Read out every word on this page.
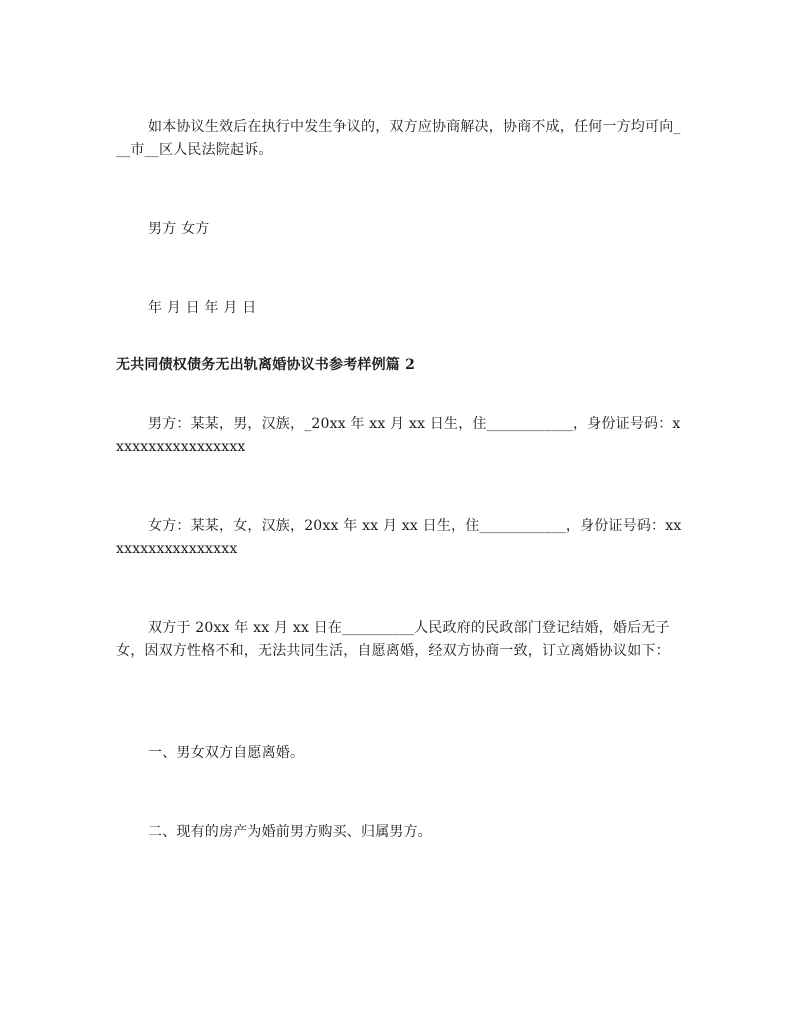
如本协议生效后在执行中发生争议的，双方应协商解决，协商不成，任何一方均可向___市__区人民法院起诉。
男方 女方
年 月 日 年 月 日
无共同债权债务无出轨离婚协议书参考样例篇 2
男方：某某，男，汉族，_20xx 年 xx 月 xx 日生，住____________，身份证号码：xxxxxxxxxxxxxxxxx
女方：某某，女，汉族，20xx 年 xx 月 xx 日生，住____________，身份证号码：xxxxxxxxxxxxxxxxx
双方于 20xx 年 xx 月 xx 日在__________人民政府的民政部门登记结婚，婚后无子女，因双方性格不和，无法共同生活，自愿离婚，经双方协商一致，订立离婚协议如下：
一、男女双方自愿离婚。
二、现有的房产为婚前男方购买、归属男方。
